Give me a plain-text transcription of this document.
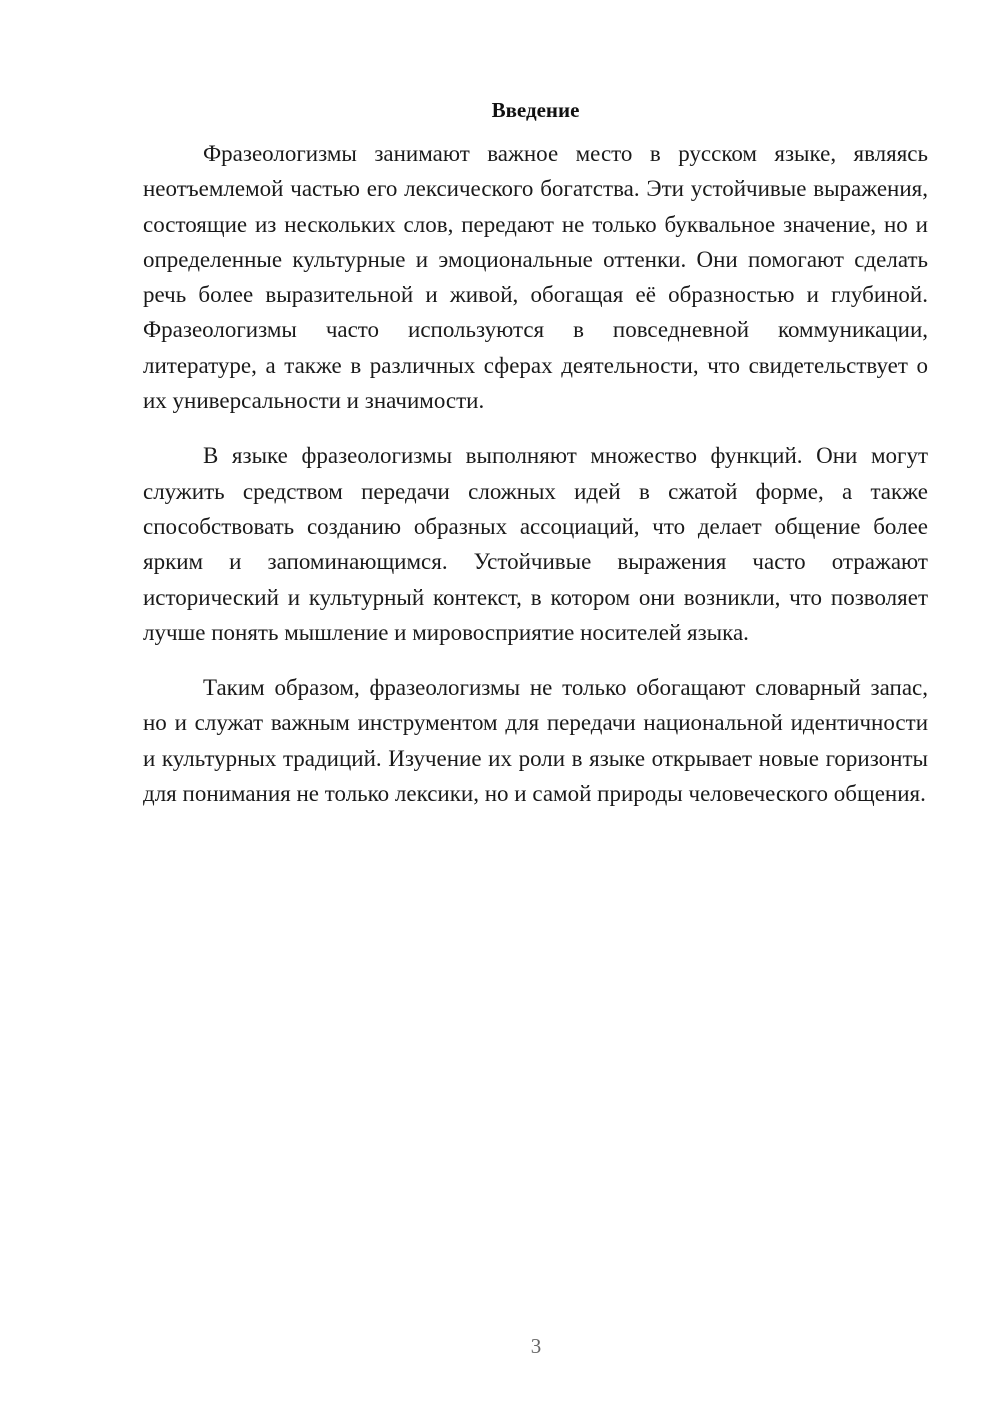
Введение

Фразеологизмы занимают важное место в русском языке, являясь неотъемлемой частью его лексического богатства. Эти устойчивые выражения, состоящие из нескольких слов, передают не только буквальное значение, но и определенные культурные и эмоциональные оттенки. Они помогают сделать речь более выразительной и живой, обогащая её образностью и глубиной. Фразеологизмы часто используются в повседневной коммуникации, литературе, а также в различных сферах деятельности, что свидетельствует о их универсальности и значимости.

В языке фразеологизмы выполняют множество функций. Они могут служить средством передачи сложных идей в сжатой форме, а также способствовать созданию образных ассоциаций, что делает общение более ярким и запоминающимся. Устойчивые выражения часто отражают исторический и культурный контекст, в котором они возникли, что позволяет лучше понять мышление и мировосприятие носителей языка.

Таким образом, фразеологизмы не только обогащают словарный запас, но и служат важным инструментом для передачи национальной идентичности и культурных традиций. Изучение их роли в языке открывает новые горизонты для понимания не только лексики, но и самой природы человеческого общения.

3
